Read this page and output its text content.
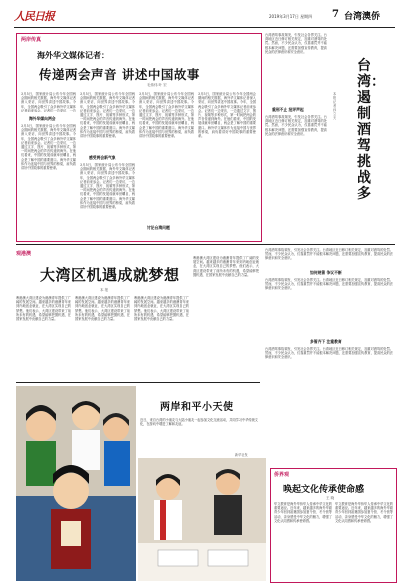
人民日报	2019年3月17日 星期四 7 台湾澳侨
两岸传真
海外华文媒体记者：
传递两会声音 讲述中国故事
毛伟伟 叶 宏
3月5日，国家统计局公布今年全国两会期间的相关数据，海外华文媒体记者深入采访，向世界讲述中国故事。今年，全国两会吸引了众多海外华文媒体记者前来参会。记者们一边采访，一边
海外华媒向两会
3月5日，国家统计局公布今年全国两会期间的相关数据，海外华文媒体记者深入采访，向世界讲述中国故事。今年，全国两会吸引了众多海外华文媒体记者前来参会。记者们一边采访，一边通过文字、图片、视频等多种形式，第一时间把两会的声音传递到海外。在他们看来，中国的发展成就举世瞩目，两会是了解中国的重要窗口。海外华文媒体作为连接中国与世界的桥梁，肩负着讲好中国故事的重要使命。
3月5日，国家统计局公布今年全国两会期间的相关数据，海外华文媒体记者深入采访，向世界讲述中国故事。今年，全国两会吸引了众多海外华文媒体记者前来参会。记者们一边采访，一边通过文字、图片、视频等多种形式，第一时间把两会的声音传递到海外。在他们看来，中国的发展成就举世瞩目，两会是了解中国的重要窗口。海外华文媒体作为连接中国与世界的桥梁，肩负着讲好中国故事的重要使命。
感受两会新气象
3月5日，国家统计局公布今年全国两会期间的相关数据，海外华文媒体记者深入采访，向世界讲述中国故事。今年，全国两会吸引了众多海外华文媒体记者前来参会。记者们一边采访，一边通过文字、图片、视频等多种形式，第一时间把两会的声音传递到海外。在他们看来，中国的发展成就举世瞩目，两会是了解中国的重要窗口。海外华文媒体作为连接中国与世界的桥梁，肩负着讲好中国故事的重要使命。
3月5日，国家统计局公布今年全国两会期间的相关数据，海外华文媒体记者深入采访，向世界讲述中国故事。今年，全国两会吸引了众多海外华文媒体记者前来参会。记者们一边采访，一边通过文字、图片、视频等多种形式，第一时间把两会的声音传递到海外。在他们看来，中国的发展成就举世瞩目，两会是了解中国的重要窗口。海外华文媒体作为连接中国与世界的桥梁，肩负着讲好中国故事的重要使命。
讨论台湾问题
3月5日，国家统计局公布今年全国两会期间的相关数据，海外华文媒体记者深入采访，向世界讲述中国故事。今年，全国两会吸引了众多海外华文媒体记者前来参会。记者们一边采访，一边通过文字、图片、视频等多种形式，第一时间把两会的声音传递到海外。在他们看来，中国的发展成就举世瞩目，两会是了解中国的重要窗口。海外华文媒体作为连接中国与世界的桥梁，肩负着讲好中国故事的重要使命。
台湾酒驾事故频发，引发社会各界关注。台湾地区近日修订相关规定，加重对酒驾的处罚。然而，不少民众认为，仅靠重罚并不能根本解决问题，还需要加强宣传教育，提高民众的法律意识和安全意识。
重刑不止 批评声起
台湾酒驾事故频发，引发社会各界关注。台湾地区近日修订相关规定，加重对酒驾的处罚。然而，不少民众认为，仅靠重罚并不能根本解决问题，还需要加强宣传教育，提高民众的法律意识和安全意识。
台湾：遏制酒驾挑战多
本报记者 孙 立 天
台湾酒驾事故频发，引发社会各界关注。台湾地区近日修订相关规定，加重对酒驾的处罚。然而，不少民众认为，仅靠重罚并不能根本解决问题，还需要加强宣传教育，提高民众的法律意识和安全意识。
如何规管 争议不断
台湾酒驾事故频发，引发社会各界关注。台湾地区近日修订相关规定，加重对酒驾的处罚。然而，不少民众认为，仅靠重罚并不能根本解决问题，还需要加强宣传教育，提高民众的法律意识和安全意识。
多管齐下 注重教育
台湾酒驾事故频发，引发社会各界关注。台湾地区近日修订相关规定，加重对酒驾的处罚。然而，不少民众认为，仅靠重罚并不能根本解决问题，还需要加强宣传教育，提高民众的法律意识和安全意识。
观港澳
大湾区机遇成就梦想
本 报
粤港澳大湾区建设为港澳青年提供了广阔的发展空间。越来越多的港澳青年来到内地创业就业，在大湾区实现自己的梦想。他们表示，大湾区建设带来了前所未有的机遇，希望能够把握机遇，在国家发展中贡献自己的力量。
粤港澳大湾区建设为港澳青年提供了广阔的发展空间。越来越多的港澳青年来到内地创业就业，在大湾区实现自己的梦想。他们表示，大湾区建设带来了前所未有的机遇，希望能够把握机遇，在国家发展中贡献自己的力量。
粤港澳大湾区建设为港澳青年提供了广阔的发展空间。越来越多的港澳青年来到内地创业就业，在大湾区实现自己的梦想。他们表示，大湾区建设带来了前所未有的机遇，希望能够把握机遇，在国家发展中贡献自己的力量。
粤港澳大湾区建设为港澳青年提供了广阔的发展空间。越来越多的港澳青年来到内地创业就业，在大湾区实现自己的梦想。他们表示，大湾区建设带来了前所未有的机遇，希望能够把握机遇，在国家发展中贡献自己的力量。
两岸和平小天使
近日，来自台湾的小朋友与大陆小朋友一起参加文化交流活动，共同学习中华传统文化，在游戏中增进了解和友谊。
新华社发
侨界观
唤起文化传承使命感
王 晓
华文教育是海外华侨华人传承中华文化的重要途径。近年来，越来越多的海外华裔青少年回到祖籍国参加夏令营、冬令营等活动，亲身感受中华文化的魅力，增强了文化认同感和传承使命感。
华文教育是海外华侨华人传承中华文化的重要途径。近年来，越来越多的海外华裔青少年回到祖籍国参加夏令营、冬令营等活动，亲身感受中华文化的魅力，增强了文化认同感和传承使命感。
